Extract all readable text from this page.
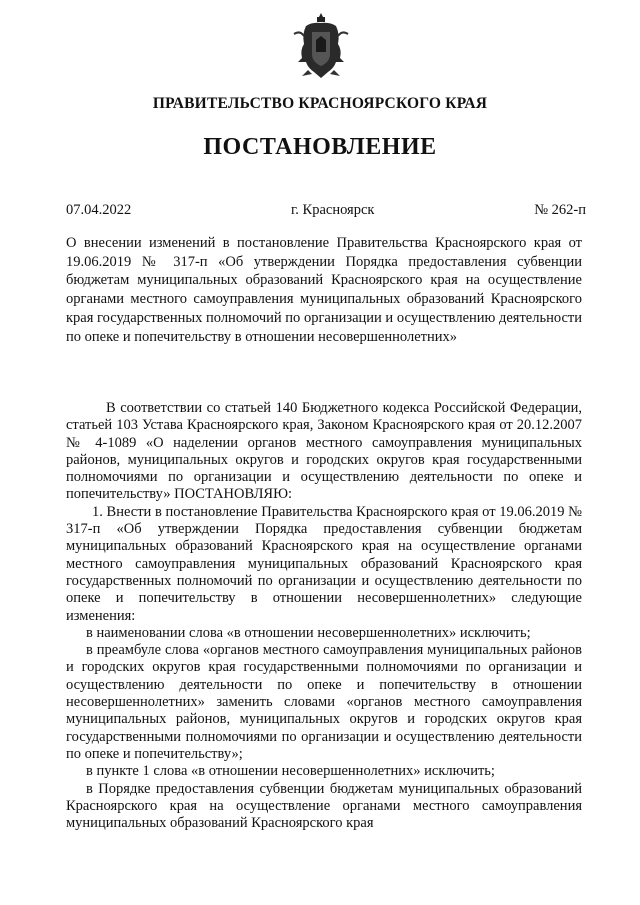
ПРАВИТЕЛЬСТВО КРАСНОЯРСКОГО КРАЯ
ПОСТАНОВЛЕНИЕ
07.04.2022	г. Красноярск	№ 262-п
О внесении изменений в постановление Правительства Красноярского края от 19.06.2019 № 317-п «Об утверждении Порядка предоставления субвенции бюджетам муниципальных образований Красноярского края на осуществление органами местного самоуправления муниципальных образований Красноярского края государственных полномочий по организации и осуществлению деятельности по опеке и попечительству в отношении несовершеннолетних»

В соответствии со статьей 140 Бюджетного кодекса Российской Федерации, статьей 103 Устава Красноярского края, Законом Красноярского края от 20.12.2007 № 4-1089 «О наделении органов местного самоуправления муниципальных районов, муниципальных округов и городских округов края государственными полномочиями по организации и осуществлению деятельности по опеке и попечительству» ПОСТАНОВЛЯЮ:

1. Внести в постановление Правительства Красноярского края от 19.06.2019 № 317-п «Об утверждении Порядка предоставления субвенции бюджетам муниципальных образований Красноярского края на осуществление органами местного самоуправления муниципальных образований Красноярского края государственных полномочий по организации и осуществлению деятельности по опеке и попечительству в отношении несовершеннолетних» следующие изменения:

в наименовании слова «в отношении несовершеннолетних» исключить;

в преамбуле слова «органов местного самоуправления муниципальных районов и городских округов края государственными полномочиями по организации и осуществлению деятельности по опеке и попечительству в отношении несовершеннолетних» заменить словами «органов местного самоуправления муниципальных районов, муниципальных округов и городских округов края государственными полномочиями по организации и осуществлению деятельности по опеке и попечительству»;

в пункте 1 слова «в отношении несовершеннолетних» исключить;

в Порядке предоставления субвенции бюджетам муниципальных образований Красноярского края на осуществление органами местного самоуправления муниципальных образований Красноярского края
